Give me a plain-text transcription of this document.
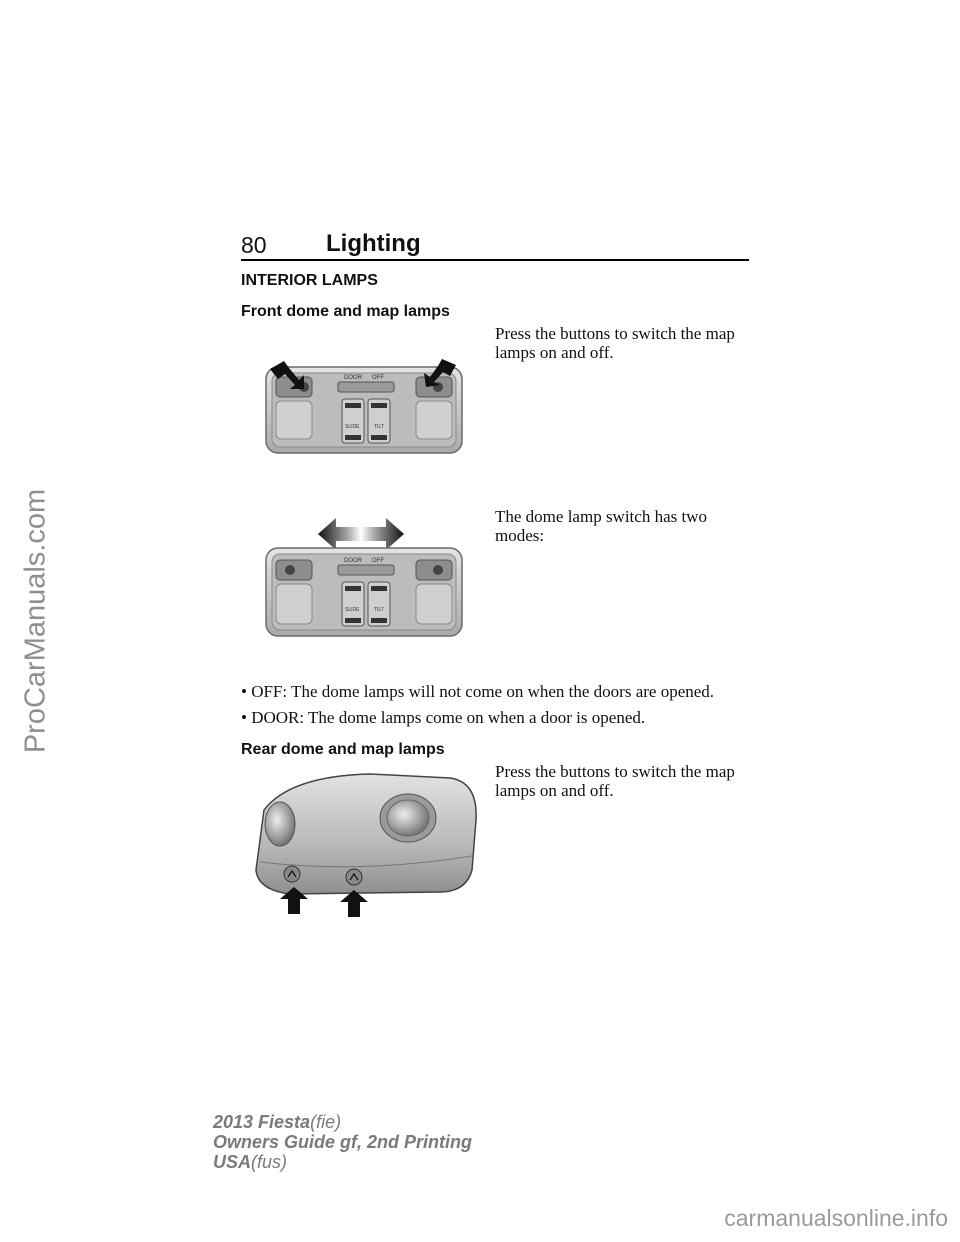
ProCarManuals.com
carmanualsonline.info
80 Lighting
INTERIOR LAMPS
Front dome and map lamps
Press the buttons to switch the map
lamps on and off.
DOOR OFF
SLIDE	TILT
The dome lamp switch has two
modes:
DOOR OFF
SLIDE	TILT
• OFF: The dome lamps will not come on when the doors are opened.
• DOOR: The dome lamps come on when a door is opened.
Rear dome and map lamps
Press the buttons to switch the map
lamps on and off.
2013 Fiesta(fie)
Owners Guide gf, 2nd Printing
USA(fus)
